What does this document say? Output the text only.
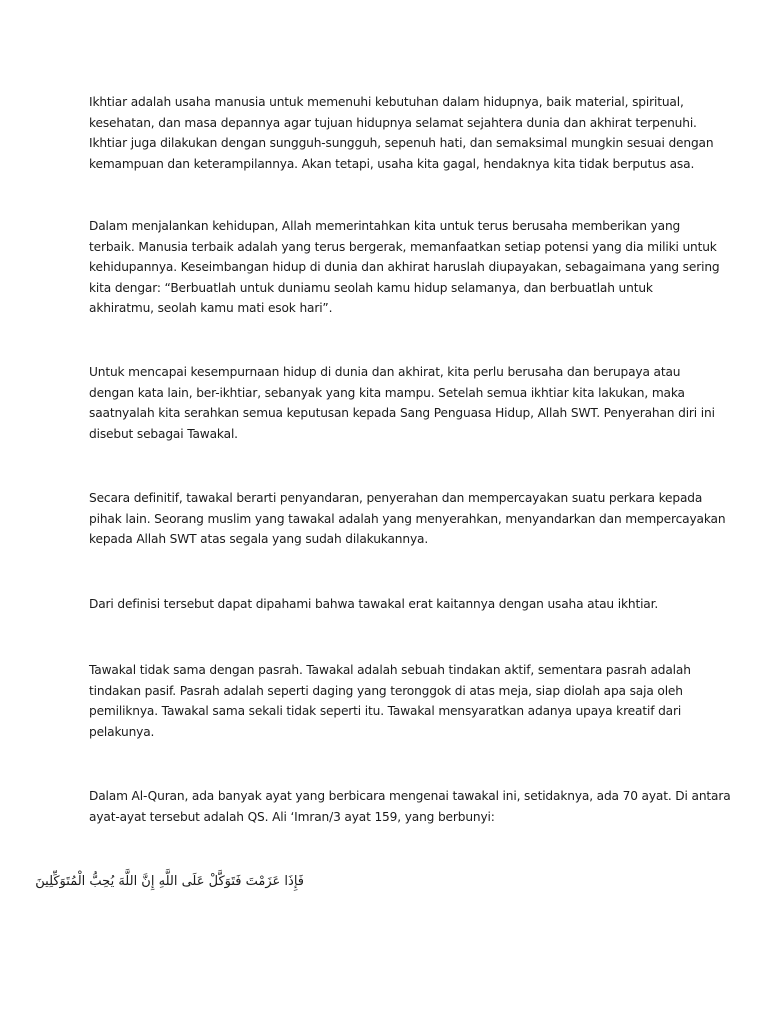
Ikhtiar adalah usaha manusia untuk memenuhi kebutuhan dalam hidupnya, baik material, spiritual,
kesehatan, dan masa depannya agar tujuan hidupnya selamat sejahtera dunia dan akhirat terpenuhi.
Ikhtiar juga dilakukan dengan sungguh-sungguh, sepenuh hati, dan semaksimal mungkin sesuai dengan
kemampuan dan keterampilannya. Akan tetapi, usaha kita gagal, hendaknya kita tidak berputus asa.

Dalam menjalankan kehidupan, Allah memerintahkan kita untuk terus berusaha memberikan yang
terbaik. Manusia terbaik adalah yang terus bergerak, memanfaatkan setiap potensi yang dia miliki untuk
kehidupannya. Keseimbangan hidup di dunia dan akhirat haruslah diupayakan, sebagaimana yang sering
kita dengar: “Berbuatlah untuk duniamu seolah kamu hidup selamanya, dan berbuatlah untuk
akhiratmu, seolah kamu mati esok hari”.

Untuk mencapai kesempurnaan hidup di dunia dan akhirat, kita perlu berusaha dan berupaya atau
dengan kata lain, ber-ikhtiar, sebanyak yang kita mampu. Setelah semua ikhtiar kita lakukan, maka
saatnyalah kita serahkan semua keputusan kepada Sang Penguasa Hidup, Allah SWT. Penyerahan diri ini
disebut sebagai Tawakal.

Secara definitif, tawakal berarti penyandaran, penyerahan dan mempercayakan suatu perkara kepada
pihak lain. Seorang muslim yang tawakal adalah yang menyerahkan, menyandarkan dan mempercayakan
kepada Allah SWT atas segala yang sudah dilakukannya.

Dari definisi tersebut dapat dipahami bahwa tawakal erat kaitannya dengan usaha atau ikhtiar.

Tawakal tidak sama dengan pasrah. Tawakal adalah sebuah tindakan aktif, sementara pasrah adalah
tindakan pasif. Pasrah adalah seperti daging yang teronggok di atas meja, siap diolah apa saja oleh
pemiliknya. Tawakal sama sekali tidak seperti itu. Tawakal mensyaratkan adanya upaya kreatif dari
pelakunya.

Dalam Al-Quran, ada banyak ayat yang berbicara mengenai tawakal ini, setidaknya, ada 70 ayat. Di antara
ayat-ayat tersebut adalah QS. Ali ‘Imran/3 ayat 159, yang berbunyi:

فَإِذَا عَزَمْتَ فَتَوَكَّلْ عَلَى اللَّهِ إِنَّ اللَّهَ يُحِبُّ الْمُتَوَكِّلِينَ
